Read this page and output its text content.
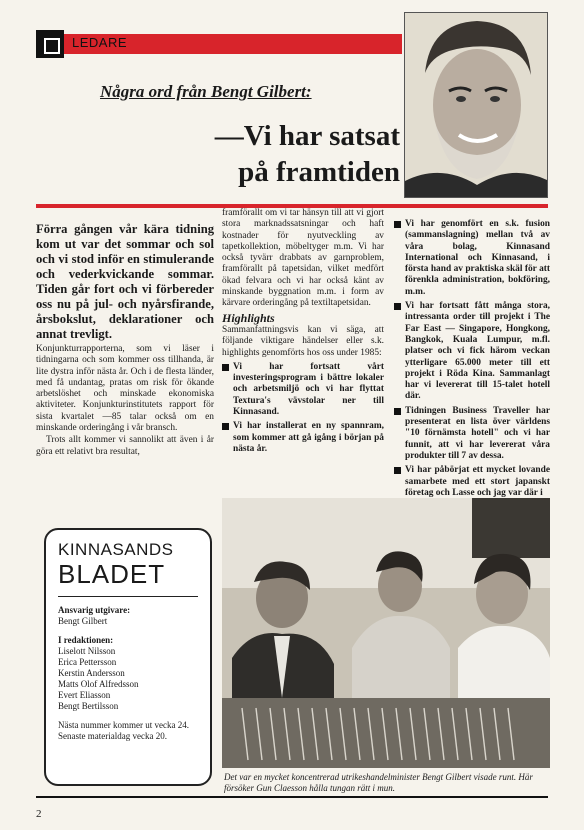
LEDARE
Några ord från Bengt Gilbert:
—Vi har satsat
på framtiden
Förra gången vår kära tidning kom ut var det sommar och sol och vi stod inför en stimulerande och vederkvickande sommar. Tiden går fort och vi förbereder oss nu på jul- och nyårsfirande, årsbokslut, deklarationer och annat trevligt.
Konjunkturrapporterna, som vi läser i tidningarna och som kommer oss tillhanda, är lite dystra inför nästa år. Och i de flesta länder, med få undantag, pratas om risk för ökande arbetslöshet och minskade ekonomiska aktiviteter. Konjunkturinstitutets rapport för sista kvartalet —85 talar också om en minskande orderingång i vår bransch.
Trots allt kommer vi sannolikt att även i år göra ett relativt bra resultat,
framförallt om vi tar hänsyn till att vi gjort stora marknadssatsningar och haft kostnader för nyutveckling av tapetkollektion, möbeltyger m.m. Vi har också tyvärr drabbats av garnproblem, framförallt på tapetsidan, vilket medfört ökad felvara och vi har också känt av minskande byggnation m.m. i form av kärvare orderingång på textiltapetsidan.
Highlights
Sammanfattningsvis kan vi säga, att följande viktigare händelser eller s.k. highlights genomförts hos oss under 1985:
Vi har fortsatt vårt investeringsprogram i bättre lokaler och arbetsmiljö och vi har flyttat Textura's vävstolar ner till Kinnasand.
Vi har installerat en ny spannram, som kommer att gå igång i början på nästa år.
Vi har genomfört en s.k. fusion (sammanslagning) mellan två av våra bolag, Kinnasand International och Kinnasand, i första hand av praktiska skäl för att förenkla administration, bokföring, m.m.
Vi har fortsatt fått många stora, intressanta order till projekt i The Far East — Singapore, Hongkong, Bangkok, Kuala Lumpur, m.fl. platser och vi fick härom veckan ytterligare 65.000 meter till ett projekt i Röda Kina. Sammanlagt har vi levererat till 15-talet hotell där.
Tidningen Business Traveller har presenterat en lista över världens "10 förnämsta hotell" och vi har funnit, att vi har levererat våra produkter till 7 av dessa.
Vi har påbörjat ett mycket lovande samarbete med ett stort japanskt företag och Lasse och jag var där i
KINNASANDS
BLADET
Ansvarig utgivare:
Bengt Gilbert
I redaktionen:
Liselott Nilsson
Erica Pettersson
Kerstin Andersson
Matts Olof Alfredsson
Evert Eliasson
Bengt Bertilsson
Nästa nummer kommer ut vecka 24.
Senaste materialdag vecka 20.
Det var en mycket koncentrerad utrikeshandelminister Bengt Gilbert visade runt. Här försöker Gun Claesson hålla tungan rätt i mun.
2
